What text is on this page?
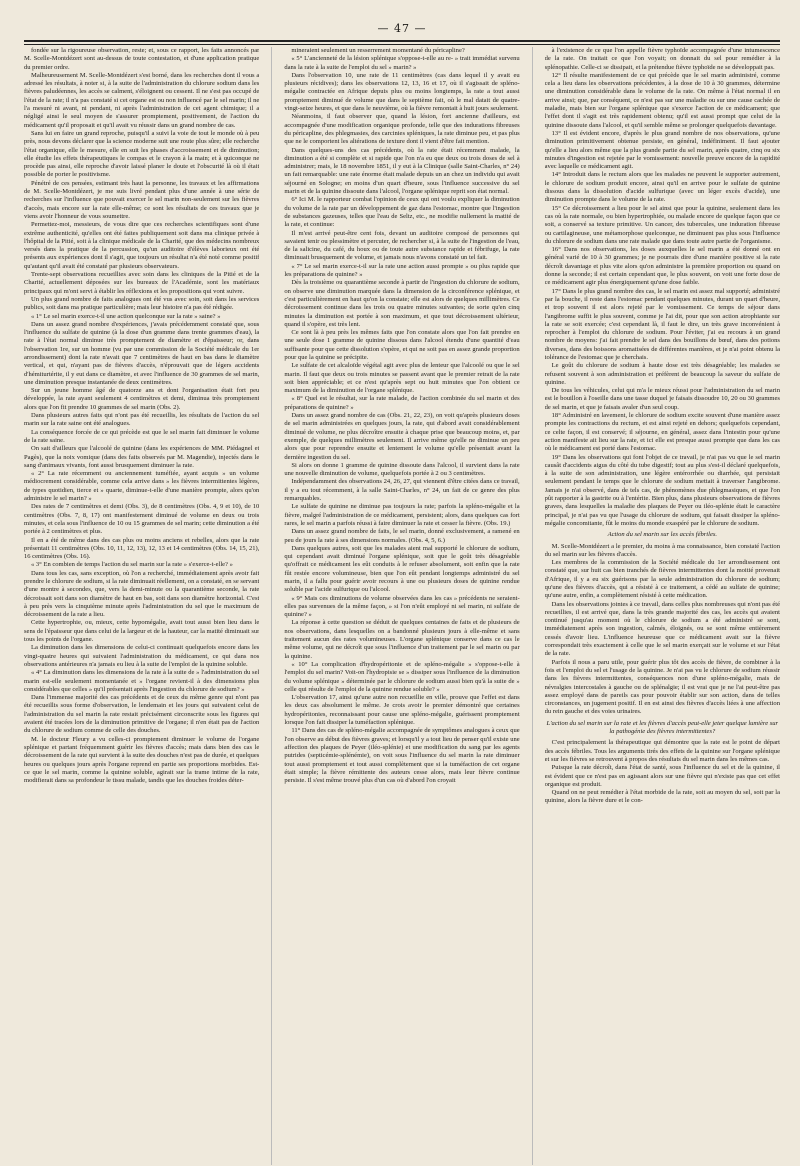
— 47 —

fondée sur la rigoureuse observation, reste; et, sous ce rapport, les faits annoncés par M. Scelle-Montdézert sont au-dessus de toute contestation, et d'une application pratique du premier ordre.

Malheureusement M. Scelle-Montdézert s'est borné, dans les recherches dont il vous a adressé les résultats, à noter si, à la suite de l'administration du chlorure sodium dans les fièvres paludéennes, les accès se calment, s'éloignent ou cessent. Il ne s'est pas occupé de l'état de la rate; il n'a pas constaté si cet organe est ou non influencé par le sel marin; il ne l'a mesuré ni avant, ni pendant, ni après l'administration de cet agent chimique; il a négligé ainsi le seul moyen de s'assurer promptement, positivement, de l'action du médicament qu'il proposait et qu'il avait vu réussir dans un grand nombre de cas.

Sans lui en faire un grand reproche, puisqu'il a suivi la voie de tout le monde où à peu près, nous devons déclarer que la science moderne suit une route plus sûre; elle recherche l'état organique, elle le mesure, elle en suit les phases d'accroissement et de diminution; elle étudie les effets thérapeutiques le compas et le crayon à la main; et à quiconque ne procède pas ainsi, elle reproche d'avoir laissé planer le doute et l'obscurité là où il était possible de porter le positivisme.

Pénétré de ces pensées, estimant très haut la personne, les travaux et les affirmations de M. Scelle-Montdézert, je me suis livré pendant plus d'une année à une série de recherches sur l'influence que pouvait exercer le sel marin non-seulement sur les fièvres d'accès, mais encore sur la rate elle-même; ce sont les résultats de ces travaux que je viens avoir l'honneur de vous soumettre.

Permettez-moi, messieurs, de vous dire que ces recherches scientifiques sont d'une extrême authenticité, qu'elles ont été faites publiquement soit dans ma clinique privée à l'hôpital de la Pitié, soit à la clinique médicale de la Charité, que des médecins nombreux versés dans la pratique de la percussion, qu'un auditoire d'élèves laborieux ont été présents aux expériences dont il s'agit, que toujours un résultat n'a été noté comme positif qu'autant qu'il avait été constaté par plusieurs observateurs.

Trente-sept observations recueillies avec soin dans les cliniques de la Pitié et de la Charité, actuellement déposées sur les bureaux de l'Académie, sont les matériaux principaux qui m'ont servi à établir les réflexions et les propositions qui vont suivre.

Un plus grand nombre de faits analogues ont été vus avec soin, soit dans les services publics, soit dans ma pratique particulière; mais leur histoire n'a pas été rédigée.

« 1° Le sel marin exerce-t-il une action quelconque sur la rate » saine? »

Dans un assez grand nombre d'expériences, j'avais précédemment constaté que, sous l'influence du sulfate de quinine (à la dose d'un gramme dans trente grammes d'eau), la rate à l'état normal diminue très promptement de diamètre et d'épaisseur; or, dans l'observation 1re, sur un homme (vu par une commission de la Société médicale du 1er arrondissement) dont la rate n'avait que 7 centimètres de haut en bas dans le diamètre vertical, et qui, n'ayant pas de fièvres d'accès, n'éprouvait que de légers accidents d'hémiturtérite, il y eut dans ce diamètre, et avec l'influence de 30 grammes de sel marin, une diminution presque instantanée de deux centimètres.

Sur un jeune homme âgé de quatorze ans et dont l'organisation était fort peu développée, la rate ayant seulement 4 centimètres et demi, diminua très promptement alors que l'on fit prendre 10 grammes de sel marin (Obs. 2).

Dans plusieurs autres faits qui n'ont pas été recueillis, les résultats de l'action du sel marin sur la rate saine ont été analogues.

La conséquence forcée de ce qui précède est que le sel marin fait diminuer le volume de la rate saine.

On sait d'ailleurs que l'alcoolé de quinine (dans les expériences de MM. Piédagnel et Pagès), que la noix vomique (dans des faits observés par M. Magendie), injectés dans le sang d'animaux vivants, font aussi brusquement diminuer la rate.

« 2° La rate récemment ou anciennement tuméfiée, ayant acquis » un volume médiocrement considérable, comme cela arrive dans » les fièvres intermittentes légères, de types quotidien, tierce et » quarte, diminue-t-elle d'une manière prompte, alors qu'on administre le sel marin? »

Des rates de 7 centimètres et demi (Obs. 3), de 8 centimètres (Obs. 4, 9 et 10), de 10 centimètres (Obs. 7, 8, 17) ont manifestement diminué de volume en deux ou trois minutes, et cela sous l'influence de 10 ou 15 grammes de sel marin; cette diminution a été portée à 2 centimètres et plus.

Il en a été de même dans des cas plus ou moins anciens et rebelles, alors que la rate présentait 11 centimètres (Obs. 10, 11, 12, 13), 12, 13 et 14 centimètres (Obs. 14, 15, 21), 16 centimètres (Obs. 16).

« 3° En combien de temps l'action du sel marin sur la rate » s'exerce-t-elle? »

Dans tous les cas, sans exception, où l'on a recherché, immédiatement après avoir fait prendre le chlorure de sodium, si la rate diminuait réellement, on a constaté, en se servant d'une montre à secondes, que, vers la demi-minute ou la quarantième seconde, la rate décroissait soit dans son diamètre de haut en bas, soit dans son diamètre horizontal. C'est à peu près vers la cinquième minute après l'administration du sel que le maximum de décroissement de la rate a lieu.

Cette hypertrophie, ou, mieux, cette hypomégalie, avait tout aussi bien lieu dans le sens de l'épaisseur que dans celui de la largeur et de la hauteur, car la matité diminuait sur tous les points de l'organe.

La diminution dans les dimensions de celui-ci continuait quelquefois encore dans les vingt-quatre heures qui suivaient l'administration du médicament, ce qui dans nos observations antérieures n'a jamais eu lieu à la suite de l'emploi de la quinine soluble.

« 4° La diminution dans les dimensions de la rate à la suite de » l'administration du sel marin est-elle seulement momentanée et » l'organe revient-il à des dimensions plus considérables que celles » qu'il présentait après l'ingestion du chlorure de sodium? »

Dans l'immense majorité des cas précédents et de ceux du même genre qui n'ont pas été recueillis sous forme d'observation, le lendemain et les jours qui suivaient celui de l'administration du sel marin la rate restait précisément circonscrite sous les figures qui avaient été tracées lors de la diminution primitive de l'organe; il n'en était pas de l'action du chlorure de sodium comme de celle des douches.

M. le docteur Fleury a vu celles-ci promptement diminuer le volume de l'organe splénique et partant fréquemment guérir les fièvres d'accès; mais dans bien des cas le décroissement de la rate qui survient à la suite des douches n'est pas de durée, et quelques heures ou quelques jours après l'organe reprend en partie ses proportions morbides. Est-ce que le sel marin, comme la quinine soluble, agirait sur la trame intime de la rate, modifierait dans sa profondeur le tissu malade, tandis que les douches froides déter-

mineraient seulement un resserrement momentané du péricapline?

« 5° L'ancienneté de la lésion splénique s'oppose-t-elle au re- » trait immédiat survenu dans la rate à la suite de l'emploi du sel » marin? »

Dans l'observation 10, une rate de 11 centimètres (cas dans lequel il y avait eu plusieurs récidives); dans les observations 12, 13, 16 et 17, où il s'agissait de spléno-mégalie contractée en Afrique depuis plus ou moins longtemps, la rate a tout aussi promptement diminué de volume que dans le septième fait, où le mal datait de quatre-vingt-seize heures, et que dans le neuvième, où la fièvre remontait à huit jours seulement.

Néanmoins, il faut observer que, quand la lésion, fort ancienne d'ailleurs, est accompagnée d'une modification organique profonde, telle que des indurations fibreuses du péricapline, des phlegmasies, des carcinies spléniques, la rate diminue peu, et pas plus que ne le comportent les altérations de texture dont il vient d'être fait mention.

Dans quelques-uns des cas précédents, où la rate était récemment malade, la diminution a été si complète et si rapide que l'on n'a eu que deux ou trois doses de sel à administrer; mais, le 18 novembre 1851, il y eut à la Clinique (salle Saint-Charles, n° 24) un fait remarquable: une rate énorme était malade depuis un an chez un individu qui avait séjourné en Sologne; en moins d'un quart d'heure, sous l'influence successive du sel marin et de la quinine dissoute dans l'alcool, l'organe splénique reprit son état normal.

6° Ici M. le rapporteur combat l'opinion de ceux qui ont voulu expliquer la diminution du volume de la rate par un développement de gaz dans l'estomac, montre que l'ingestion de substances gazeuses, telles que l'eau de Seltz, etc., ne modifie nullement la matité de la rate, et continue:

Il m'est arrivé peut-être cent fois, devant un auditoire composé de personnes qui savaient tenir ou plessimètre et percuter, de rechercher si, à la suite de l'ingestion de l'eau, de la salicine, du café, du houx ou de toute autre substance rapide et fébrifuge, la rate diminuait brusquement de volume, et jamais nous n'avons constaté un tel fait.

« 7° Le sel marin exerce-t-il sur la rate une action aussi prompte » ou plus rapide que les préparations de quinine? »

Dès la troisième ou quarantième seconde à partir de l'ingestion du chlorure de sodium, on observe une diminution marquée dans la dimension de la circonférence splénique, et c'est particulièrement en haut qu'on la constate; elle est alors de quelques millimètres. Ce décroissement continue dans les trois ou quatre minutes suivantes; de sorte qu'en cinq minutes la diminution est portée à son maximum, et que tout décroissement ultérieur, quand il s'opère, est très lent.

Ce sont là à peu près les mêmes faits que l'on constate alors que l'on fait prendre en une seule dose 1 gramme de quinine dissous dans l'alcool étendu d'une quantité d'eau suffisante pour que cette dissolution s'opère, et qui ne soit pas en assez grande proportion pour que la quinine se précipite.

Le sulfate de cet alcaloïde végétal agit avec plus de lenteur que l'alcoolé ou que le sel marin. Il faut que deux ou trois minutes se passent avant que le premier retrait de la rate soit bien appréciable; et ce n'est qu'après sept ou huit minutes que l'on obtient ce maximum de la diminution de l'organe splénique.

« 8° Quel est le résultat, sur la rate malade, de l'action combinée du sel marin et des préparations de quinine? »

Dans un assez grand nombre de cas (Obs. 21, 22, 23), on voit qu'après plusieurs doses de sel marin administrées en quelques jours, la rate, qui d'abord avait considérablement diminué de volume, ne plus décroître ensuite à chaque prise que beaucoup moins, et, par exemple, de quelques millimètres seulement. Il arrive même qu'elle ne diminue un peu alors que pour reprendre ensuite et lentement le volume qu'elle présentait avant la dernière ingestion du sel.

Si alors on donne 1 gramme de quinine dissoute dans l'alcool, il survient dans la rate une nouvelle diminution de volume, quelquefois portée à 2 ou 3 centimètres.

Indépendamment des observations 24, 26, 27, qui viennent d'être citées dans ce travail, il y a eu tout récemment, à la salle Saint-Charles, n° 24, un fait de ce genre des plus remarquables.

Le sulfate de quinine ne diminue pas toujours la rate; parfois la spléno-mégalie et la fièvre, malgré l'administration de ce médicament, persistent; alors, dans quelques cas fort rares, le sel marin a parfois réussi à faire diminuer la rate et cesser la fièvre. (Obs. 19.)

Dans un assez grand nombre de faits, le sel marin, donné exclusivement, a ramené en peu de jours la rate à ses dimensions normales. (Obs. 4, 5, 6.)

Dans quelques autres, soit que les malades aient mal supporté le chlorure de sodium, qui cependant avait diminué l'organe splénique, soit que le goût très désagréable qu'offrait ce médicament les eût conduits à le refuser absolument, soit enfin que la rate fût restée encore volumineuse, bien que l'on eût pendant longtemps administré du sel marin, il a fallu pour guérir avoir recours à une ou plusieurs doses de quinine rendue soluble par l'acide sulfurique ou l'alcool.

« 9° Mais ces diminutions de volume observées dans les cas » précédents ne seraient-elles pas survenues de la même façon, » si l'on n'eût employé ni sel marin, ni sulfate de quinine? »

La réponse à cette question se déduit de quelques centaines de faits et de plusieurs de nos observations, dans lesquelles on a bandonné plusieurs jours à elle-même et sans traitement aucun des rates volumineuses. L'organe splénique conserve dans ce cas le même volume, qui ne décroît que sous l'influence d'un traitement par le sel marin ou par la quinine.

« 10° La complication d'hydropéritonie et de spléno-mégalie » s'oppose-t-elle à l'emploi du sel marin? Voit-on l'hydropisie se » dissiper sous l'influence de la diminution du volume splénique » déterminée par le chlorure de sodium aussi bien qu'à la suite de » celle qui résulte de l'emploi de la quinine rendue soluble? »

L'observation 17, ainsi qu'une autre non recueillie en ville, prouve que l'effet est dans les deux cas absolument le même. Je crois avoir le premier démontré que certaines hydropéritonies, reconnaissant pour cause une spléno-mégalie, guérissent promptement lorsque l'on fait dissiper la tuméfaction splénique.

11° Dans des cas de spléno-mégalie accompagnée de symptômes analogues à ceux que l'on observe au début des fièvres graves; et lorsqu'il y a tout lieu de penser qu'il existe une affection des plaques de Peyer (iléo-splénie) et une modification du sang par les agents putrides (septicémie-splénémie), on voit sous l'influence du sel marin la rate diminuer tout aussi promptement et tout aussi complètement que si la tuméfaction de cet organe était simple; la fièvre rémittente des auteurs cesse alors, mais leur fièvre continue persiste. Il s'est même trouvé plus d'un cas où d'abord l'on croyait

à l'existence de ce que l'on appelle fièvre typhoïde accompagnée d'une intumescence de la rate. On traitait ce que l'on voyait; on donnait du sel pour remédier à la splénopathie. Celle-ci se dissipait, et la prétendue fièvre typhoïde ne se développait pas.

12° Il résulte manifestement de ce qui précède que le sel marin administré, comme cela a lieu dans les observations précédentes, à la dose de 10 à 30 grammes, détermine une diminution considérable dans le volume de la rate. On même à l'état normal il en arrive ainsi; que, par conséquent, ce n'est pas sur une maladie ou sur une cause cachée de maladie, mais bien sur l'organe splénique que s'exerce l'action de ce médicament; que l'effet dont il s'agit est très rapidement obtenu; qu'il est aussi prompt que celui de la quinine dissoute dans l'alcool, et qu'il semble même se prolonger quelquefois davantage.

13° Il est évident encore, d'après le plus grand nombre de nos observations, qu'une diminution primitivement obtenue persiste, en général, indéfiniment. Il faut ajouter qu'elle a lieu alors même que la plus grande partie du sel marin, après quatre, cinq ou six minutes d'ingestion est rejetée par le vomissement: nouvelle preuve encore de la rapidité avec laquelle ce médicament agit.

14° Introduit dans le rectum alors que les malades ne peuvent le supporter autrement, le chlorure de sodium produit encore, ainsi qu'il en arrive pour le sulfate de quinine dissous dans la dissolution d'acide sulfurique (avec un léger excès d'acide), une diminution prompte dans le volume de la rate.

15° Ce décroissement a lieu pour le sel ainsi que pour la quinine, seulement dans les cas où la rate normale, ou bien hypertrophiée, ou malade encore de quelque façon que ce soit, a conservé sa texture primitive. Un cancer, des tubercules, une induration fibreuse ou cartilagineuse, une métamorphose quelconque, ne diminuent pas plus sous l'influence du chlorure de sodium dans une rate malade que dans toute autre partie de l'organisme.

16° Dans nos observations, les doses auxquelles le sel marin a été donné ont en général varié de 10 à 30 grammes; je ne pourrais dire d'une manière positive si la rate décroît davantage et plus vite alors qu'on administre la première proportion ou quand on donne la seconde; il est certain cependant que, le plus souvent, on voit une forte dose de ce médicament agir plus énergiquement qu'une dose faible.

17° Dans le plus grand nombre des cas, le sel marin est assez mal supporté; administré par la bouche, il reste dans l'estomac pendant quelques minutes, durant un quart d'heure, et trop souvent il est alors rejeté par le vomissement. Ce temps de séjour dans l'angibrome suffit le plus souvent, comme je l'ai dit, pour que son action atrophiante sur la rate se soit exercée; c'est cependant là, il faut le dire, un très grave inconvénient à reprocher à l'emploi du chlorure de sodium. Pour l'éviter, j'ai eu recours à un grand nombre de moyens: j'ai fait prendre le sel dans des bouillons de bœuf, dans des potions diverses, dans des boissons aromatisées de différentes manières, et je n'ai point obtenu la tolérance de l'estomac que je cherchais.

Le goût du chlorure de sodium à haute dose est très désagréable; les malades se refusent souvent à son administration et préfèrent de beaucoup la saveur du sulfate de quinine.

De tous les véhicules, celui qui m'a le mieux réussi pour l'administration du sel marin est le bouillon à l'oseille dans une tasse duquel je faisais dissoudre 10, 20 ou 30 grammes de sel marin, et que je faisais avaler d'un seul coup.

18° Administré en lavement, le chlorure de sodium excite souvent d'une manière assez prompte les contractions du rectum, et est ainsi rejeté en dehors; quelquefois cependant, ce celte façon, il est conservé; il séjourne, en général, assez dans l'intestin pour qu'une action manifeste ait lieu sur la rate, et ici elle est presque aussi prompte que dans les cas où le médicament est porté dans l'estomac.

19° Dans les observations qui font l'objet de ce travail, je n'ai pas vu que le sel marin causât d'accidents aigus du côté du tube digestif; tout au plus s'est-il déclaré quelquefois, à la suite de son administration, une légère entérorrhée ou diarrhée, qui persistait seulement pendant le temps que le chlorure de sodium mettait à traverser l'angibrome. Jamais je n'ai observé, dans de tels cas, de phénomènes due phlegmasiques, et que l'on pût rapporter à la gastrite ou à l'entérite. Bien plus, dans plusieurs observations de fièvres graves, dans lesquelles la maladie des plaques de Peyer ou iléo-splénie était le caractère principal, je n'ai pas vu que l'usage du chlorure de sodium, qui faisait dissiper la spléno-mégalie concomitante, fût le moins du monde exaspéré par le chlorure de sodium.

Action du sel marin sur les accès fébriles.

M. Scelle-Montdézert a le premier, du moins à ma connaissance, bien constaté l'action du sel marin sur les fièvres d'accès.

Les membres de la commission de la Société médicale du 1er arrondissement ont constaté que, sur huit cas bien tranchés de fièvres intermittentes dont la moitié provenait d'Afrique, il y a eu six guérisons par la seule administration du chlorure de sodium; qu'une des fièvres d'accès, qui a résisté à ce traitement, a cédé au sulfate de quinine; qu'une autre, enfin, a complètement résisté à cette médication.

Dans les observations jointes à ce travail, dans celles plus nombreuses qui n'ont pas été recueillies, il est arrivé que, dans la très grande majorité des cas, les accès qui avaient continué jusqu'au moment où le chlorure de sodium a été administré se sont, immédiatement après son ingestion, calmés, éloignés, ou se sont même entièrement cessés d'avoir lieu. L'influence heureuse que ce médicament avait sur la fièvre correspondait très exactement à celle que le sel marin exerçait sur le volume et sur l'état de la rate.

Parfois il nous a paru utile, pour guérir plus tôt des accès de fièvre, de combiner à la fois et l'emploi du sel et l'usage de la quinine. Je n'ai pas vu le chlorure de sodium réussir dans les fièvres intermittentes, conséquences non d'une spléno-mégalie, mais de névralgies intercostales à gauche ou de splénalgie; il est vrai que je ne l'ai peut-être pas assez employé dans de pareils cas pour pouvoir établir sur son action, dans de telles circonstances, un jugement positif. Il en est ainsi des fièvres d'accès liées à une affection du rein gauche et des voies urinaires.

L'action du sel marin sur la rate et les fièvres d'accès peut-elle jeter quelque lumière sur la pathogénie des fièvres intermittentes?

C'est principalement la thérapeutique qui démontre que la rate est le point de départ des accès fébriles. Tous les arguments tirés des effets de la quinine sur l'organe splénique et sur les fièvres se retrouvent à propos des résultats du sel marin dans les mêmes cas.

Puisque la rate décroît, dans l'état de santé, sous l'influence du sel et de la quinine, il est évident que ce n'est pas en agissant alors sur une fièvre qui n'existe pas que cet effet organique est produit.

Quand on ne peut remédier à l'état morbide de la rate, soit au moyen du sel, soit par la quinine, alors la fièvre dure et le con-
